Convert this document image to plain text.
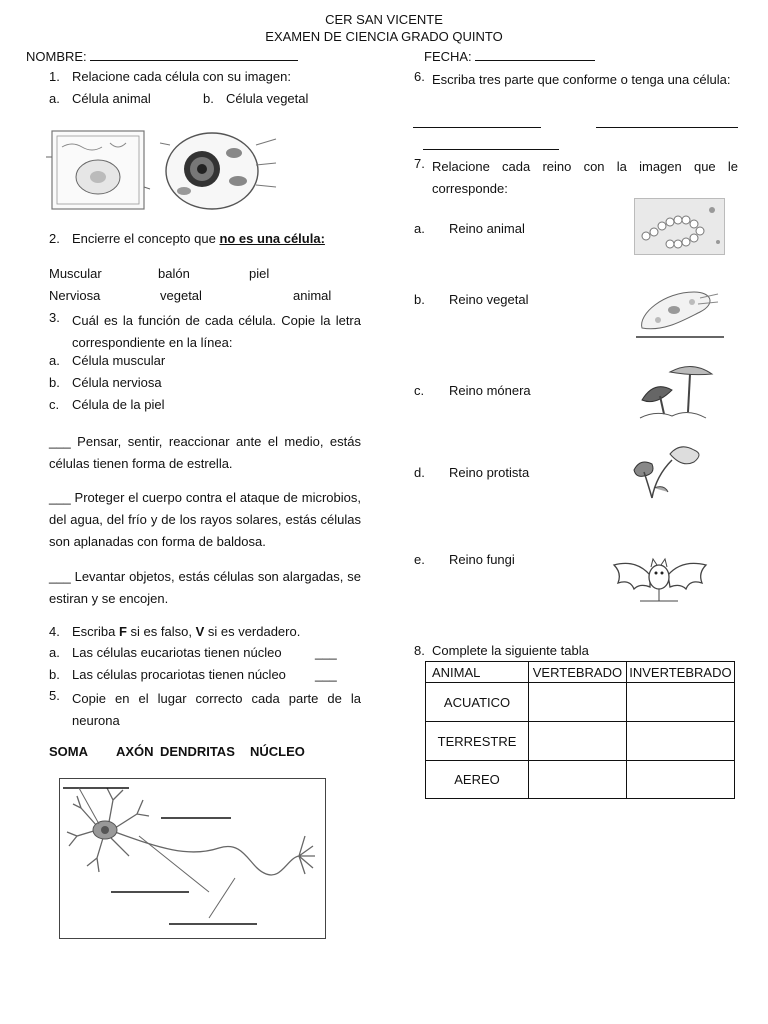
CER SAN VICENTE
EXAMEN DE CIENCIA GRADO QUINTO
NOMBRE:	FECHA:
1. Relacione cada célula con su imagen:
a. Célula animal	b. Célula vegetal
2. Encierre el concepto que no es una célula:
Muscular	balón	piel
Nerviosa	vegetal	animal
3. Cuál es la función de cada célula. Copie la letra correspondiente en la línea:
a. Célula muscular
b. Célula nerviosa
c. Célula de la piel
___ Pensar, sentir, reaccionar ante el medio, estás células tienen forma de estrella.
___ Proteger el cuerpo contra el ataque de microbios, del agua, del frío y de los rayos solares, estás células son aplanadas con forma de baldosa.
___ Levantar objetos, estás células son alargadas, se estiran y se encojen.
4. Escriba F si es falso, V si es verdadero.
a. Las células eucariotas tienen núcleo	___
b. Las células procariotas tienen núcleo ___
5. Copie en el lugar correcto cada parte de la neurona
SOMA AXÓN DENDRITAS NÚCLEO
6. Escriba tres parte que conforme o tenga una célula:
7. Relacione cada reino con la imagen que le corresponde:
a. Reino animal
b. Reino vegetal
c. Reino mónera
d. Reino protista
e. Reino fungi
8. Complete la siguiente tabla
ANIMAL	VERTEBRADO	INVERTEBRADO
ACUATICO		
TERRESTRE		
AEREO		
